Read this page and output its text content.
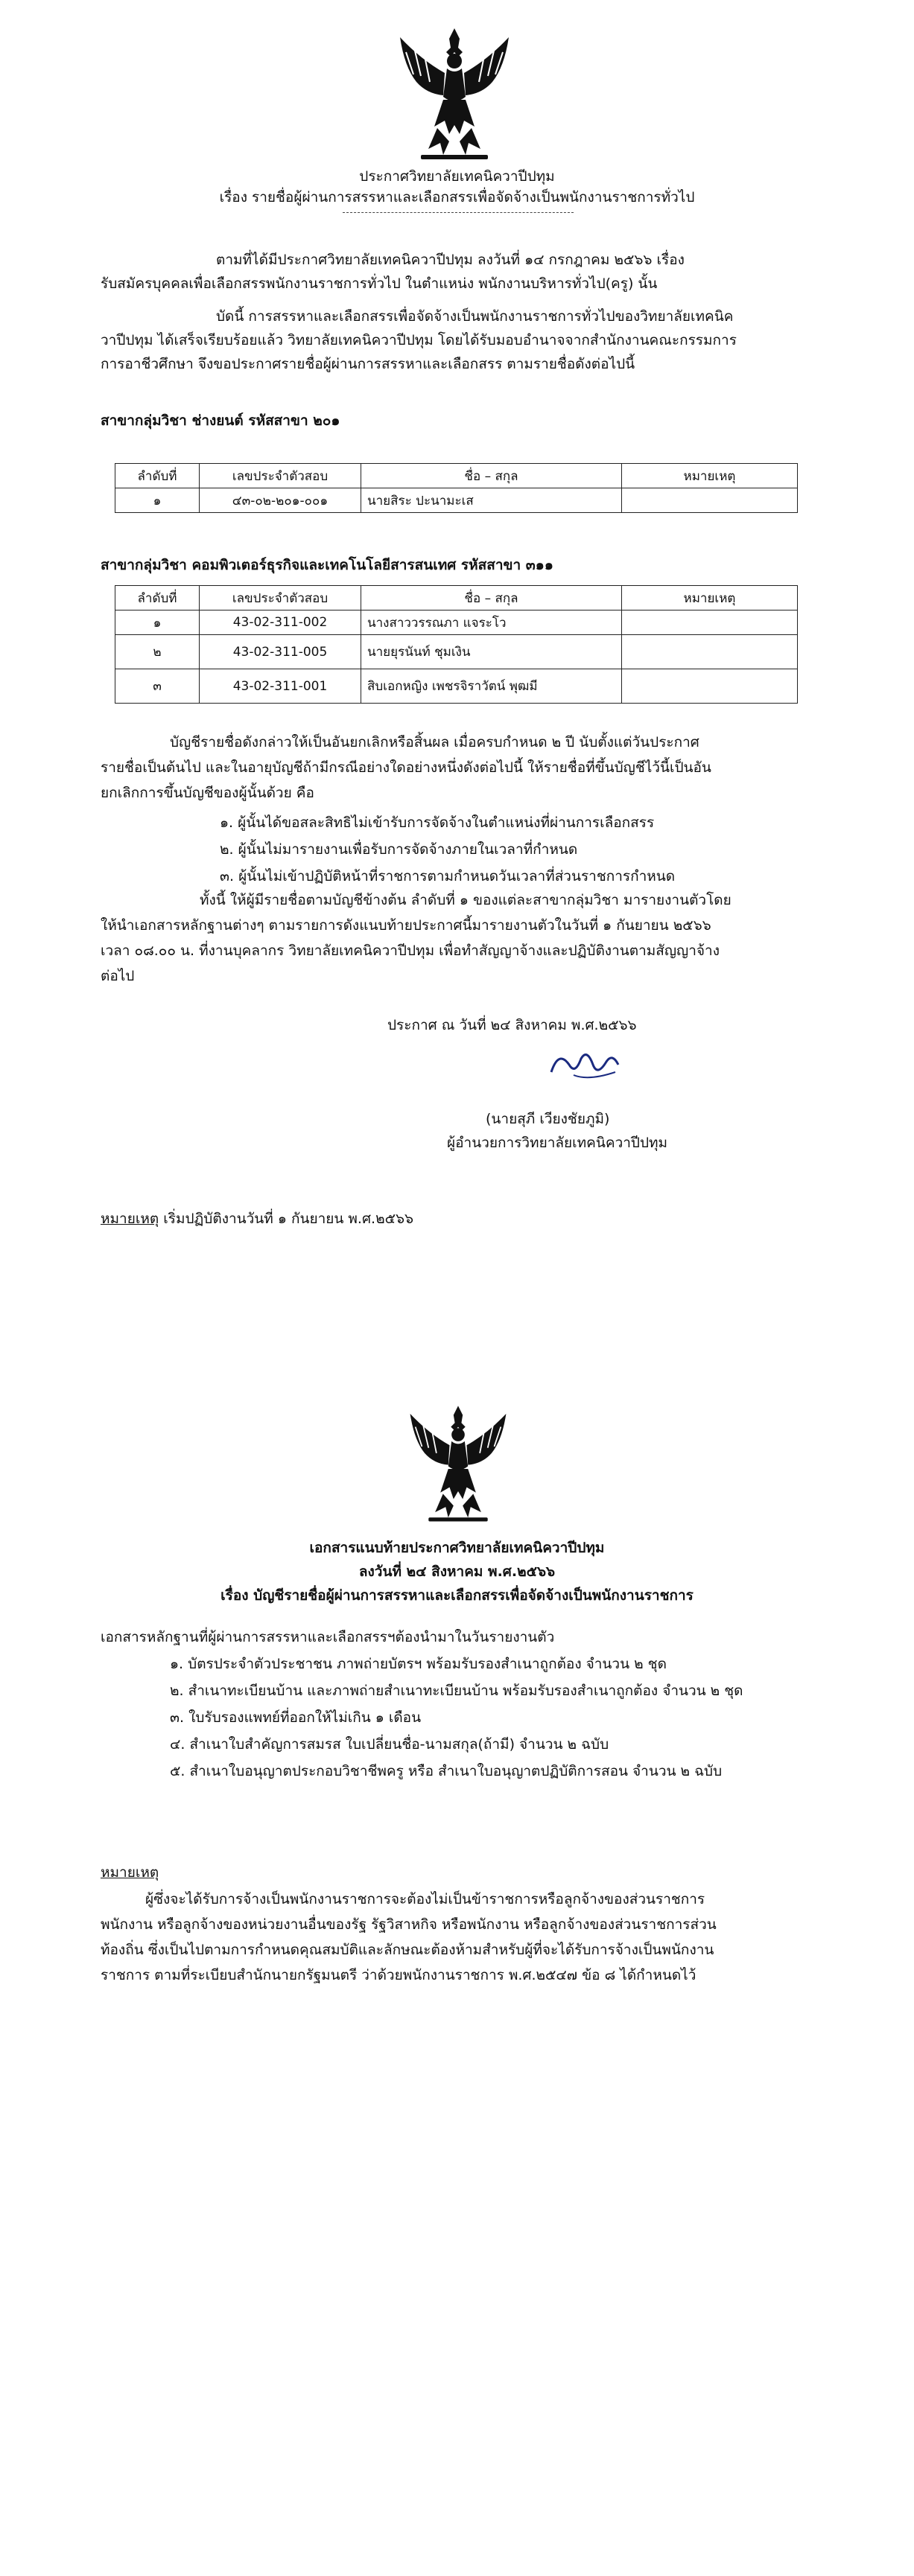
ประกาศวิทยาลัยเทคนิควาปีปทุม
เรื่อง รายชื่อผู้ผ่านการสรรหาและเลือกสรรเพื่อจัดจ้างเป็นพนักงานราชการทั่วไป
ตามที่ได้มีประกาศวิทยาลัยเทคนิควาปีปทุม ลงวันที่ ๑๔ กรกฎาคม ๒๕๖๖ เรื่อง
รับสมัครบุคคลเพื่อเลือกสรรพนักงานราชการทั่วไป ในตำแหน่ง พนักงานบริหารทั่วไป(ครู) นั้น
บัดนี้ การสรรหาและเลือกสรรเพื่อจัดจ้างเป็นพนักงานราชการทั่วไปของวิทยาลัยเทคนิค
วาปีปทุม ได้เสร็จเรียบร้อยแล้ว วิทยาลัยเทคนิควาปีปทุม โดยได้รับมอบอำนาจจากสำนักงานคณะกรรมการ
การอาชีวศึกษา จึงขอประกาศรายชื่อผู้ผ่านการสรรหาและเลือกสรร ตามรายชื่อดังต่อไปนี้
สาขากลุ่มวิชา ช่างยนต์ รหัสสาขา ๒๐๑
ลำดับที่	เลขประจำตัวสอบ	ชื่อ – สกุล	หมายเหตุ
๑	๔๓-๐๒-๒๐๑-๐๐๑	นายสิระ ปะนามะเส	
สาขากลุ่มวิชา คอมพิวเตอร์ธุรกิจและเทคโนโลยีสารสนเทศ รหัสสาขา ๓๑๑
ลำดับที่	เลขประจำตัวสอบ	ชื่อ – สกุล	หมายเหตุ
๑	43-02-311-002	นางสาววรรณภา แจระโว	
๒	43-02-311-005	นายยุรนันท์ ชุมเงิน	
๓	43-02-311-001	สิบเอกหญิง เพชรจิราวัตน์ พุฒมี	
บัญชีรายชื่อดังกล่าวให้เป็นอันยกเลิกหรือสิ้นผล เมื่อครบกำหนด ๒ ปี นับตั้งแต่วันประกาศ
รายชื่อเป็นต้นไป และในอายุบัญชีถ้ามีกรณีอย่างใดอย่างหนึ่งดังต่อไปนี้ ให้รายชื่อที่ขึ้นบัญชีไว้นี้เป็นอัน
ยกเลิกการขึ้นบัญชีของผู้นั้นด้วย คือ
๑. ผู้นั้นได้ขอสละสิทธิไม่เข้ารับการจัดจ้างในตำแหน่งที่ผ่านการเลือกสรร
๒. ผู้นั้นไม่มารายงานเพื่อรับการจัดจ้างภายในเวลาที่กำหนด
๓. ผู้นั้นไม่เข้าปฏิบัติหน้าที่ราชการตามกำหนดวันเวลาที่ส่วนราชการกำหนด
ทั้งนี้ ให้ผู้มีรายชื่อตามบัญชีข้างต้น ลำดับที่ ๑ ของแต่ละสาขากลุ่มวิชา มารายงานตัวโดย
ให้นำเอกสารหลักฐานต่างๆ ตามรายการดังแนบท้ายประกาศนี้มารายงานตัวในวันที่ ๑ กันยายน ๒๕๖๖
เวลา ๐๘.๐๐ น. ที่งานบุคลากร วิทยาลัยเทคนิควาปีปทุม เพื่อทำสัญญาจ้างและปฏิบัติงานตามสัญญาจ้าง
ต่อไป
ประกาศ ณ วันที่ ๒๔ สิงหาคม พ.ศ.๒๕๖๖
(นายสุภี เวียงชัยภูมิ)
ผู้อำนวยการวิทยาลัยเทคนิควาปีปทุม
หมายเหตุ เริ่มปฏิบัติงานวันที่ ๑ กันยายน พ.ศ.๒๕๖๖
เอกสารแนบท้ายประกาศวิทยาลัยเทคนิควาปีปทุม
ลงวันที่ ๒๔ สิงหาคม พ.ศ.๒๕๖๖
เรื่อง บัญชีรายชื่อผู้ผ่านการสรรหาและเลือกสรรเพื่อจัดจ้างเป็นพนักงานราชการ
เอกสารหลักฐานที่ผู้ผ่านการสรรหาและเลือกสรรฯต้องนำมาในวันรายงานตัว
๑. บัตรประจำตัวประชาชน ภาพถ่ายบัตรฯ พร้อมรับรองสำเนาถูกต้อง จำนวน ๒ ชุด
๒. สำเนาทะเบียนบ้าน และภาพถ่ายสำเนาทะเบียนบ้าน พร้อมรับรองสำเนาถูกต้อง จำนวน ๒ ชุด
๓. ใบรับรองแพทย์ที่ออกให้ไม่เกิน ๑ เดือน
๔. สำเนาใบสำคัญการสมรส ใบเปลี่ยนชื่อ-นามสกุล(ถ้ามี) จำนวน ๒ ฉบับ
๕. สำเนาใบอนุญาตประกอบวิชาชีพครู หรือ สำเนาใบอนุญาตปฏิบัติการสอน จำนวน ๒ ฉบับ
หมายเหตุ
ผู้ซึ่งจะได้รับการจ้างเป็นพนักงานราชการจะต้องไม่เป็นข้าราชการหรือลูกจ้างของส่วนราชการ
พนักงาน หรือลูกจ้างของหน่วยงานอื่นของรัฐ รัฐวิสาหกิจ หรือพนักงาน หรือลูกจ้างของส่วนราชการส่วน
ท้องถิ่น ซึ่งเป็นไปตามการกำหนดคุณสมบัติและลักษณะต้องห้ามสำหรับผู้ที่จะได้รับการจ้างเป็นพนักงาน
ราชการ ตามที่ระเบียบสำนักนายกรัฐมนตรี ว่าด้วยพนักงานราชการ พ.ศ.๒๕๔๗ ข้อ ๘ ได้กำหนดไว้
